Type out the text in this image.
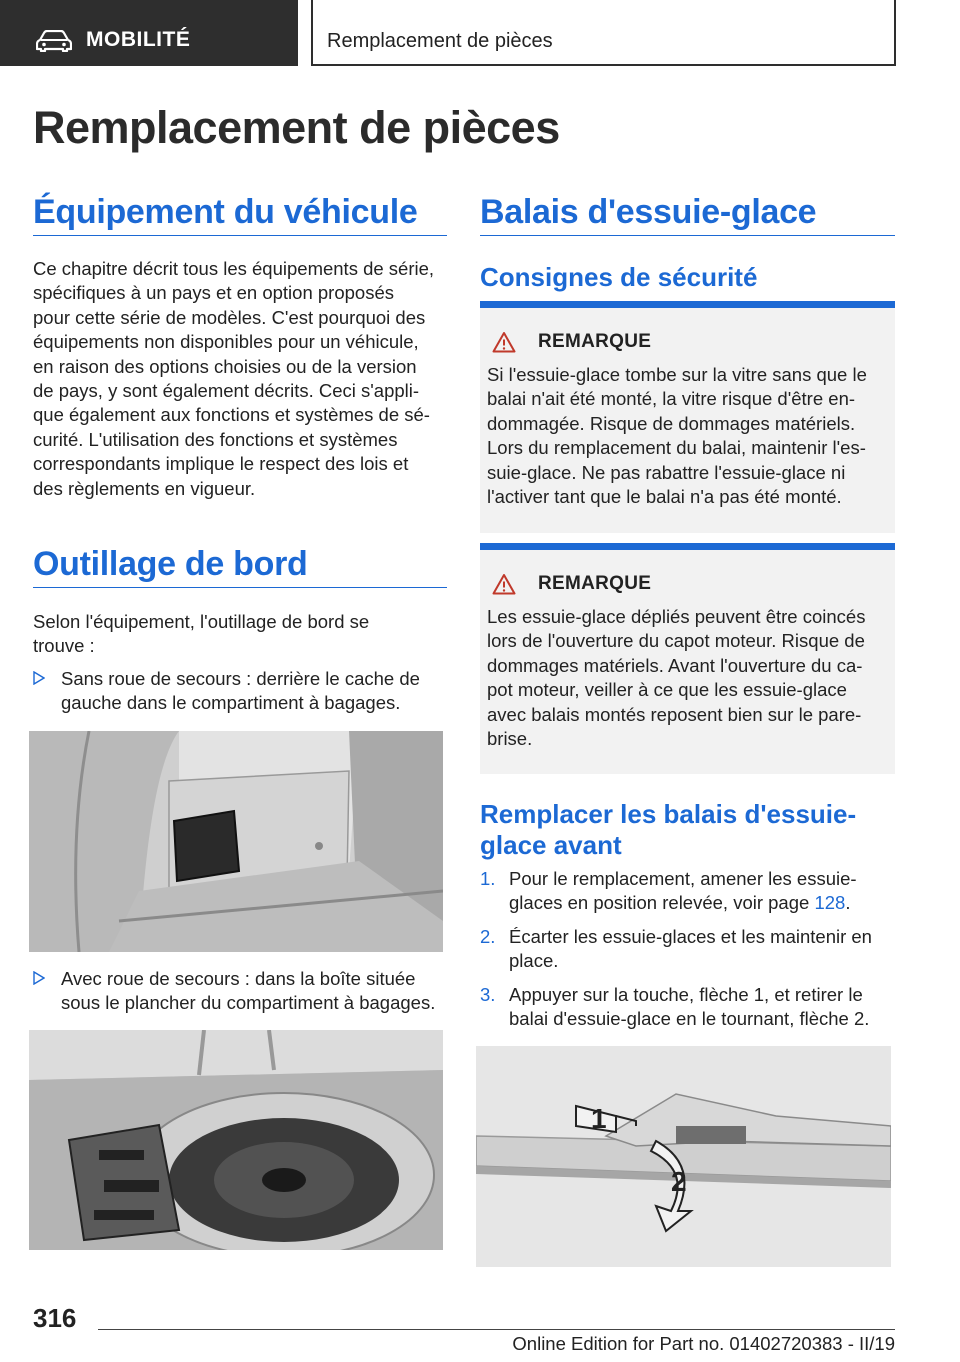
MOBILITÉ	Remplacement de pièces
Remplacement de pièces
Équipement du véhicule
Ce chapitre décrit tous les équipements de série,
spécifiques à un pays et en option proposés
pour cette série de modèles. C'est pourquoi des
équipements non disponibles pour un véhicule,
en raison des options choisies ou de la version
de pays, y sont également décrits. Ceci s'appli‐
que également aux fonctions et systèmes de sé‐
curité. L'utilisation des fonctions et systèmes
correspondants implique le respect des lois et
des règlements en vigueur.
Outillage de bord
Selon l'équipement, l'outillage de bord se
trouve :
Sans roue de secours : derrière le cache de
gauche dans le compartiment à bagages.
Avec roue de secours : dans la boîte située
sous le plancher du compartiment à bagages.
Balais d'essuie-glace
Consignes de sécurité
REMARQUE
Si l'essuie-glace tombe sur la vitre sans que le
balai n'ait été monté, la vitre risque d'être en‐
dommagée. Risque de dommages matériels.
Lors du remplacement du balai, maintenir l'es‐
suie-glace. Ne pas rabattre l'essuie-glace ni
l'activer tant que le balai n'a pas été monté.
REMARQUE
Les essuie-glace dépliés peuvent être coincés
lors de l'ouverture du capot moteur. Risque de
dommages matériels. Avant l'ouverture du ca‐
pot moteur, veiller à ce que les essuie-glace
avec balais montés reposent bien sur le pare-
brise.
Remplacer les balais d'essuie-
glace avant
1. Pour le remplacement, amener les essuie‐
glaces en position relevée, voir page 128.
2. Écarter les essuie-glaces et les maintenir en
place.
3. Appuyer sur la touche, flèche 1, et retirer le
balai d'essuie-glace en le tournant, flèche 2.
1
2
316
Online Edition for Part no. 01402720383 - II/19
